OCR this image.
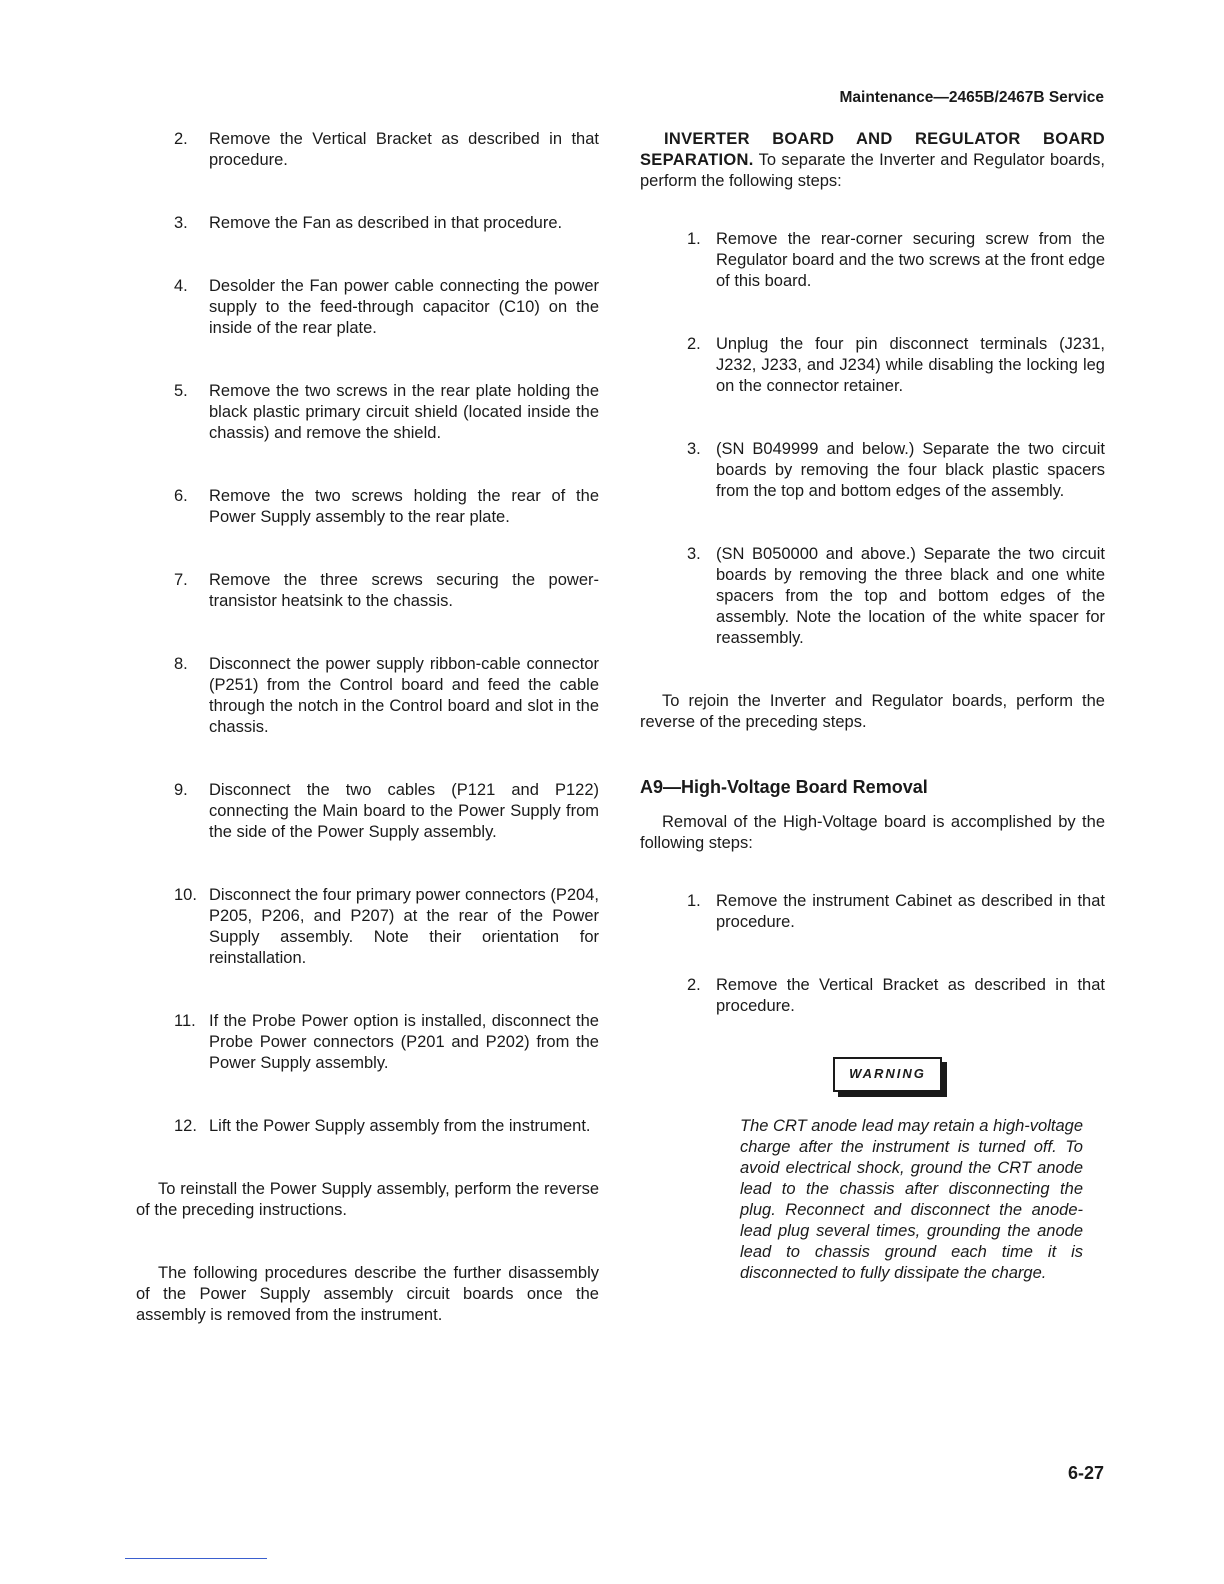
Maintenance—2465B/2467B Service
2. Remove the Vertical Bracket as described in that procedure.
3. Remove the Fan as described in that procedure.
4. Desolder the Fan power cable connecting the power supply to the feed-through capacitor (C10) on the inside of the rear plate.
5. Remove the two screws in the rear plate holding the black plastic primary circuit shield (located inside the chassis) and remove the shield.
6. Remove the two screws holding the rear of the Power Supply assembly to the rear plate.
7. Remove the three screws securing the power-transistor heatsink to the chassis.
8. Disconnect the power supply ribbon-cable connector (P251) from the Control board and feed the cable through the notch in the Control board and slot in the chassis.
9. Disconnect the two cables (P121 and P122) connecting the Main board to the Power Supply from the side of the Power Supply assembly.
10. Disconnect the four primary power connectors (P204, P205, P206, and P207) at the rear of the Power Supply assembly. Note their orientation for reinstallation.
11. If the Probe Power option is installed, disconnect the Probe Power connectors (P201 and P202) from the Power Supply assembly.
12. Lift the Power Supply assembly from the instrument.
To reinstall the Power Supply assembly, perform the reverse of the preceding instructions.
The following procedures describe the further disassembly of the Power Supply assembly circuit boards once the assembly is removed from the instrument.
INVERTER BOARD AND REGULATOR BOARD SEPARATION. To separate the Inverter and Regulator boards, perform the following steps:
1. Remove the rear-corner securing screw from the Regulator board and the two screws at the front edge of this board.
2. Unplug the four pin disconnect terminals (J231, J232, J233, and J234) while disabling the locking leg on the connector retainer.
3. (SN B049999 and below.) Separate the two circuit boards by removing the four black plastic spacers from the top and bottom edges of the assembly.
3. (SN B050000 and above.) Separate the two circuit boards by removing the three black and one white spacers from the top and bottom edges of the assembly. Note the location of the white spacer for reassembly.
To rejoin the Inverter and Regulator boards, perform the reverse of the preceding steps.
A9—High-Voltage Board Removal
Removal of the High-Voltage board is accomplished by the following steps:
1. Remove the instrument Cabinet as described in that procedure.
2. Remove the Vertical Bracket as described in that procedure.
WARNING
The CRT anode lead may retain a high-voltage charge after the instrument is turned off. To avoid electrical shock, ground the CRT anode lead to the chassis after disconnecting the plug. Reconnect and disconnect the anode-lead plug several times, grounding the anode lead to chassis ground each time it is disconnected to fully dissipate the charge.
6-27
